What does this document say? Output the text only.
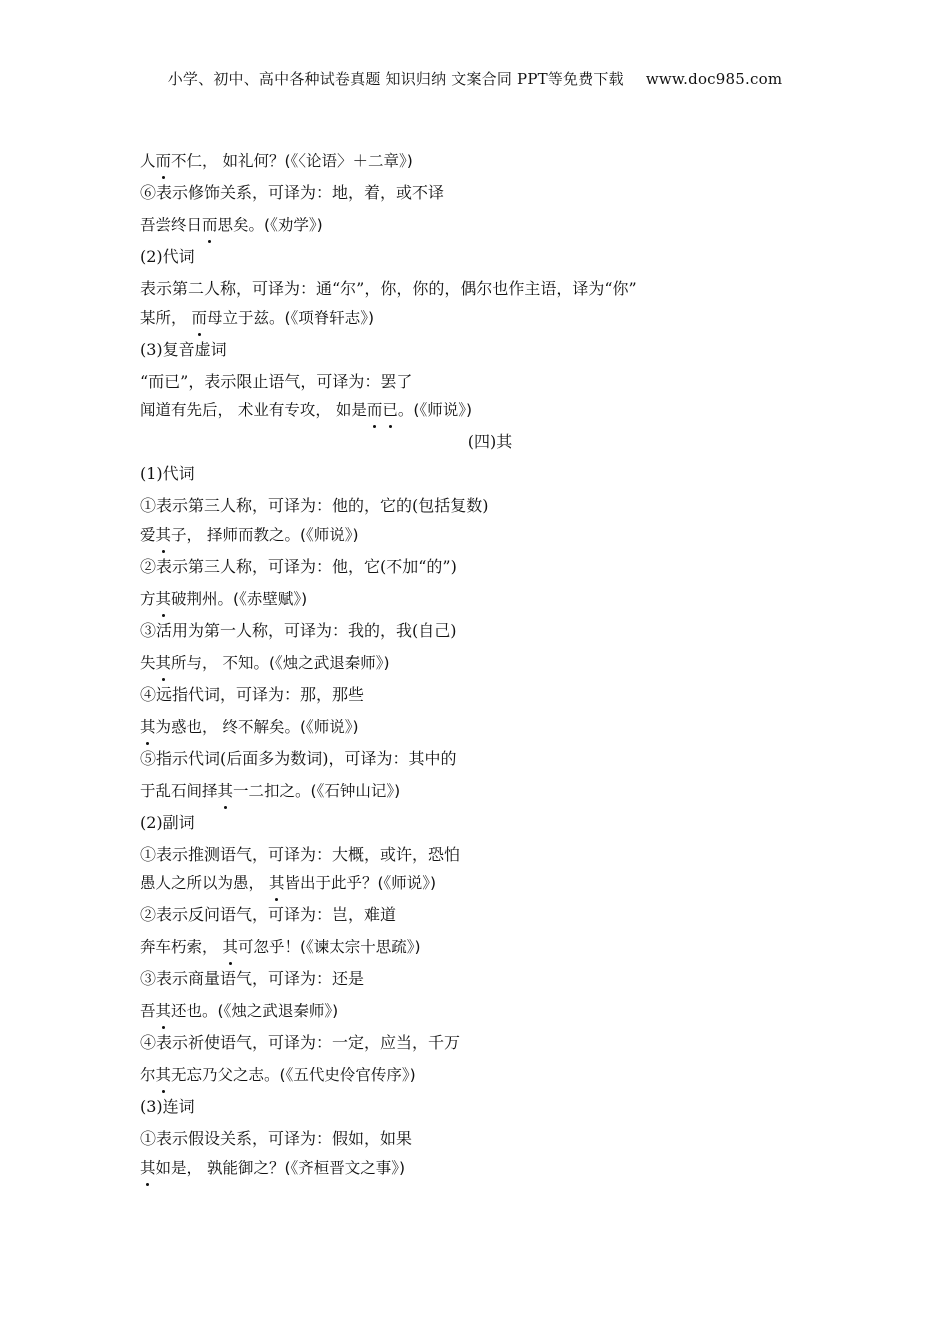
小学、初中、高中各种试卷真题 知识归纳 文案合同 PPT等免费下载 www.doc985.com
人而不仁， 如礼何？(《〈论语〉＋二章》)
⑥表示修饰关系，可译为：地，着，或不译
吾尝终日而思矣。(《劝学》)
(2)代词
表示第二人称，可译为：通“尔”，你，你的，偶尔也作主语，译为“你”
某所， 而母立于兹。(《项脊轩志》)
(3)复音虚词
“而已”，表示限止语气，可译为：罢了
闻道有先后， 术业有专攻， 如是而已。(《师说》)
(四)其
(1)代词
①表示第三人称，可译为：他的，它的(包括复数)
爱其子， 择师而教之。(《师说》)
②表示第三人称，可译为：他，它(不加“的”)
方其破荆州。(《赤壁赋》)
③活用为第一人称，可译为：我的，我(自己)
失其所与， 不知。(《烛之武退秦师》)
④远指代词，可译为：那，那些
其为惑也， 终不解矣。(《师说》)
⑤指示代词(后面多为数词)，可译为：其中的
于乱石间择其一二扣之。(《石钟山记》)
(2)副词
①表示推测语气，可译为：大概，或许，恐怕
愚人之所以为愚， 其皆出于此乎？(《师说》)
②表示反问语气，可译为：岂，难道
奔车朽索， 其可忽乎！(《谏太宗十思疏》)
③表示商量语气，可译为：还是
吾其还也。(《烛之武退秦师》)
④表示祈使语气，可译为：一定，应当，千万
尔其无忘乃父之志。(《五代史伶官传序》)
(3)连词
①表示假设关系，可译为：假如，如果
其如是， 孰能御之？(《齐桓晋文之事》)
